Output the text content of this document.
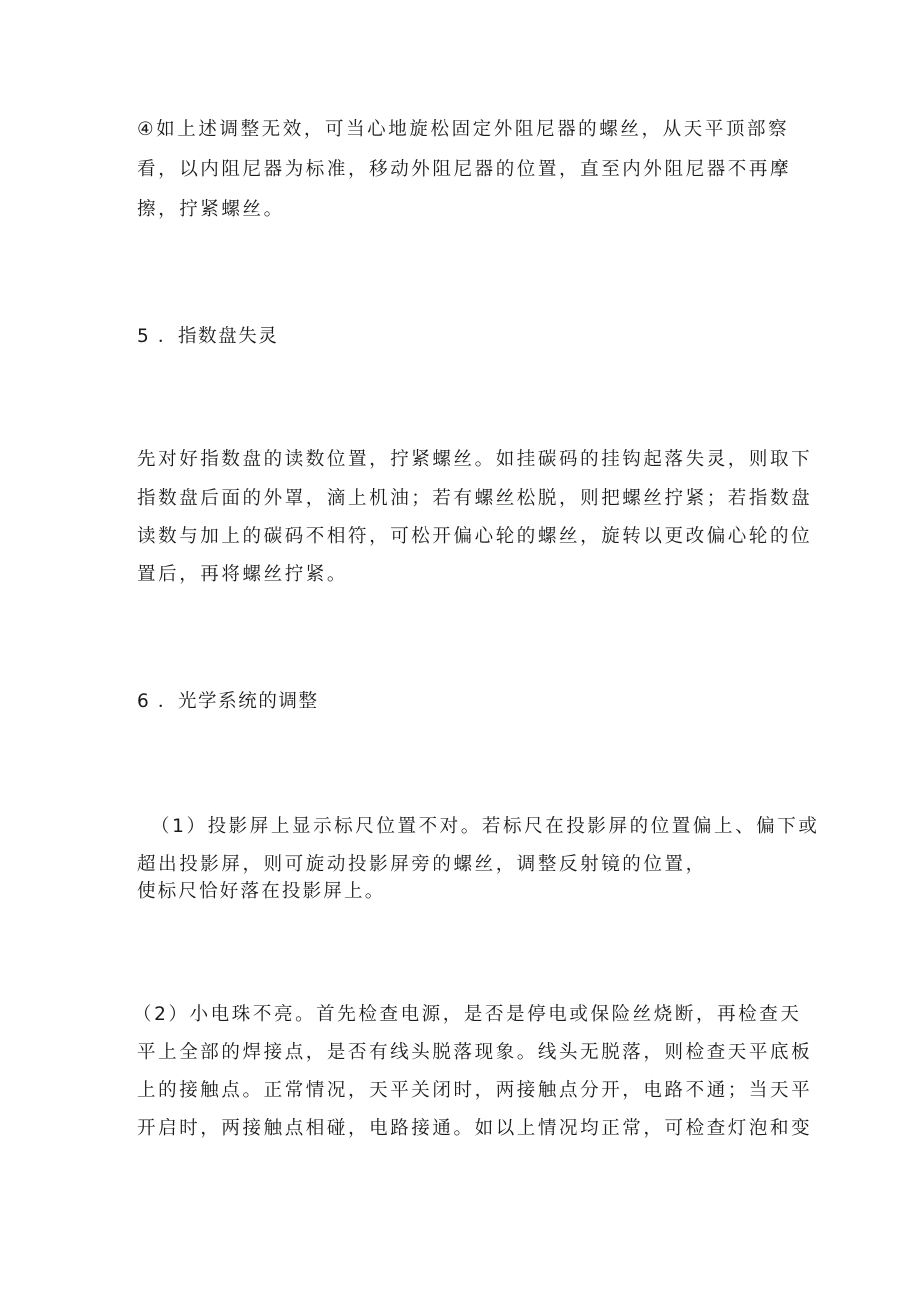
④如上述调整无效，可当心地旋松固定外阻尼器的螺丝，从天平顶部察
看，以内阻尼器为标准，移动外阻尼器的位置，直至内外阻尼器不再摩
擦，拧紧螺丝。
5 ．指数盘失灵
先对好指数盘的读数位置，拧紧螺丝。如挂碳码的挂钩起落失灵，则取下
指数盘后面的外罩，滴上机油；若有螺丝松脱，则把螺丝拧紧；若指数盘
读数与加上的碳码不相符，可松开偏心轮的螺丝，旋转以更改偏心轮的位
置后，再将螺丝拧紧。
6 ．光学系统的调整
（1）投影屏上显示标尺位置不对。若标尺在投影屏的位置偏上、偏下或
超出投影屏，则可旋动投影屏旁的螺丝，调整反射镜的位置，
使标尺恰好落在投影屏上。
（2）小电珠不亮。首先检查电源，是否是停电或保险丝烧断，再检查天
平上全部的焊接点，是否有线头脱落现象。线头无脱落，则检查天平底板
上的接触点。正常情况，天平关闭时，两接触点分开，电路不通；当天平
开启时，两接触点相碰，电路接通。如以上情况均正常，可检查灯泡和变
